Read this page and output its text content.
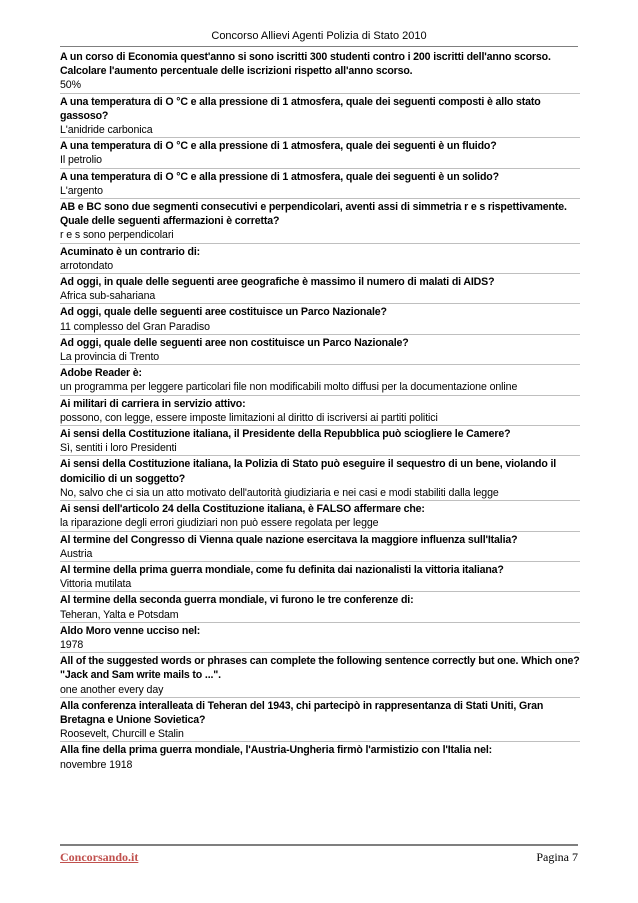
Concorso Allievi Agenti Polizia di Stato 2010
A un corso di Economia quest'anno si sono iscritti 300 studenti contro i 200 iscritti dell'anno scorso. Calcolare l'aumento percentuale delle iscrizioni rispetto all'anno scorso.
50%
A una temperatura di O °C e alla pressione di 1 atmosfera, quale dei seguenti composti è allo stato gassoso?
L'anidride carbonica
A una temperatura di O °C e alla pressione di 1 atmosfera, quale dei seguenti è un fluido?
Il petrolio
A una temperatura di O °C e alla pressione di 1 atmosfera, quale dei seguenti è un solido?
L'argento
AB e BC sono due segmenti consecutivi e perpendicolari, aventi assi di simmetria r e s rispettivamente. Quale delle seguenti affermazioni è corretta?
r e s sono perpendicolari
Acuminato è un contrario di:
arrotondato
Ad oggi, in quale delle seguenti aree geografiche è massimo il numero di malati di AIDS?
Africa sub-sahariana
Ad oggi, quale delle seguenti aree costituisce un Parco Nazionale?
11 complesso del Gran Paradiso
Ad oggi, quale delle seguenti aree non costituisce un Parco Nazionale?
La provincia di Trento
Adobe Reader è:
un programma per leggere particolari file non modificabili molto diffusi per la documentazione online
Ai militari di carriera in servizio attivo:
possono, con legge, essere imposte limitazioni al diritto di iscriversi ai partiti politici
Ai sensi della Costituzione italiana, il Presidente della Repubblica può sciogliere le Camere?
Sì, sentiti i loro Presidenti
Ai sensi della Costituzione italiana, la Polizia di Stato può eseguire il sequestro di un bene, violando il domicilio di un soggetto?
No, salvo che ci sia un atto motivato dell'autorità giudiziaria e nei casi e modi stabiliti dalla legge
Ai sensi dell'articolo 24 della Costituzione italiana, è FALSO affermare che:
la riparazione degli errori giudiziari non può essere regolata per legge
Al termine del Congresso di Vienna quale nazione esercitava la maggiore influenza sull'Italia?
Austria
Al termine della prima guerra mondiale, come fu definita dai nazionalisti la vittoria italiana?
Vittoria mutilata
Al termine della seconda guerra mondiale, vi furono le tre conferenze di:
Teheran, Yalta e Potsdam
Aldo Moro venne ucciso nel:
1978
All of the suggested words or phrases can complete the following sentence correctly but one. Which one? "Jack and Sam write mails to ...".
one another every day
Alla conferenza interalleata di Teheran del 1943, chi partecipò in rappresentanza di Stati Uniti, Gran Bretagna e Unione Sovietica?
Roosevelt, Churcill e Stalin
Alla fine della prima guerra mondiale, l'Austria-Ungheria firmò l'armistizio con l'Italia nel:
novembre 1918
Concorsando.it	Pagina 7
